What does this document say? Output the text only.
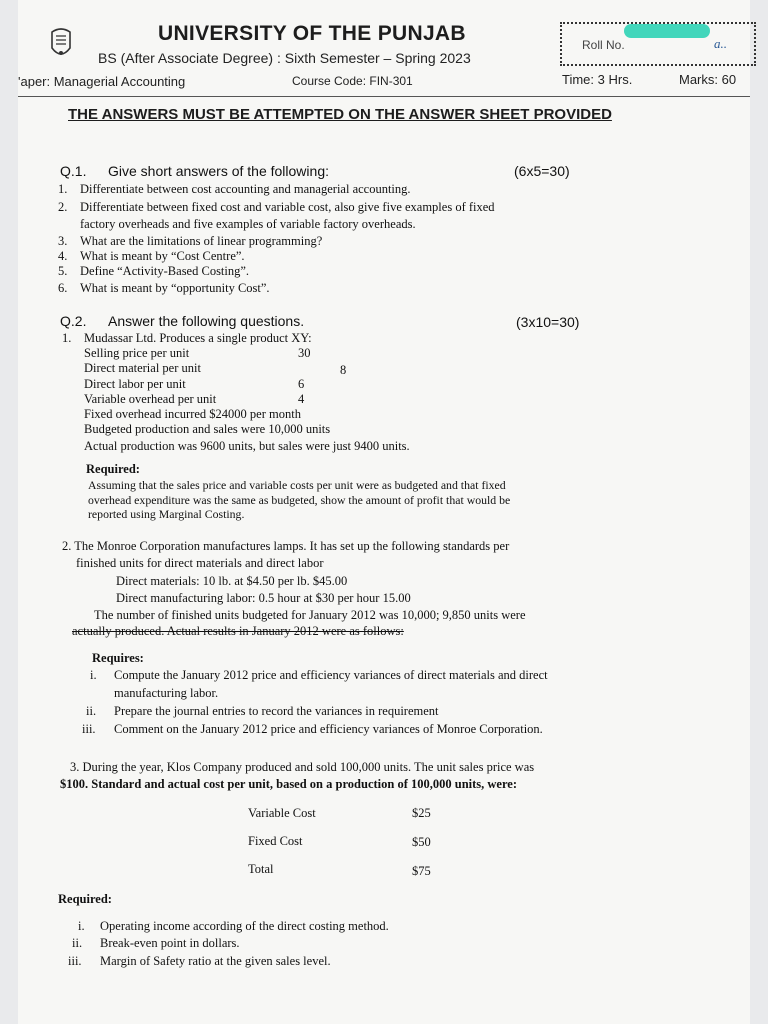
UNIVERSITY OF THE PUNJAB
BS (After Associate Degree) : Sixth Semester – Spring 2023
'aper: Managerial Accounting	Course Code: FIN-301	Time: 3 Hrs.	Marks: 60
Roll No.	a..
THE ANSWERS MUST BE ATTEMPTED ON THE ANSWER SHEET PROVIDED
Q.1. Give short answers of the following:	(6x5=30)
1. Differentiate between cost accounting and managerial accounting.
2. Differentiate between fixed cost and variable cost, also give five examples of fixed
factory overheads and five examples of variable factory overheads.
3. What are the limitations of linear programming?
4. What is meant by “Cost Centre”.
5. Define “Activity-Based Costing”.
6. What is meant by “opportunity Cost”.
Q.2. Answer the following questions.	(3x10=30)
1. Mudassar Ltd. Produces a single product XY:
Selling price per unit	30
Direct material per unit	8
Direct labor per unit	6
Variable overhead per unit	4
Fixed overhead incurred $24000 per month
Budgeted production and sales were 10,000 units
Actual production was 9600 units, but sales were just 9400 units.
Required:
Assuming that the sales price and variable costs per unit were as budgeted and that fixed
overhead expenditure was the same as budgeted, show the amount of profit that would be
reported using Marginal Costing.
2. The Monroe Corporation manufactures lamps. It has set up the following standards per
finished units for direct materials and direct labor
Direct materials: 10 lb. at $4.50 per lb. $45.00
Direct manufacturing labor: 0.5 hour at $30 per hour 15.00
The number of finished units budgeted for January 2012 was 10,000; 9,850 units were
actually produced. Actual results in January 2012 were as follows:
Requires:
i. Compute the January 2012 price and efficiency variances of direct materials and direct
manufacturing labor.
ii. Prepare the journal entries to record the variances in requirement
iii. Comment on the January 2012 price and efficiency variances of Monroe Corporation.
3. During the year, Klos Company produced and sold 100,000 units. The unit sales price was
$100. Standard and actual cost per unit, based on a production of 100,000 units, were:
Variable Cost	$25
Fixed Cost	$50
Total	$75
Required:
i. Operating income according of the direct costing method.
ii. Break-even point in dollars.
iii. Margin of Safety ratio at the given sales level.
